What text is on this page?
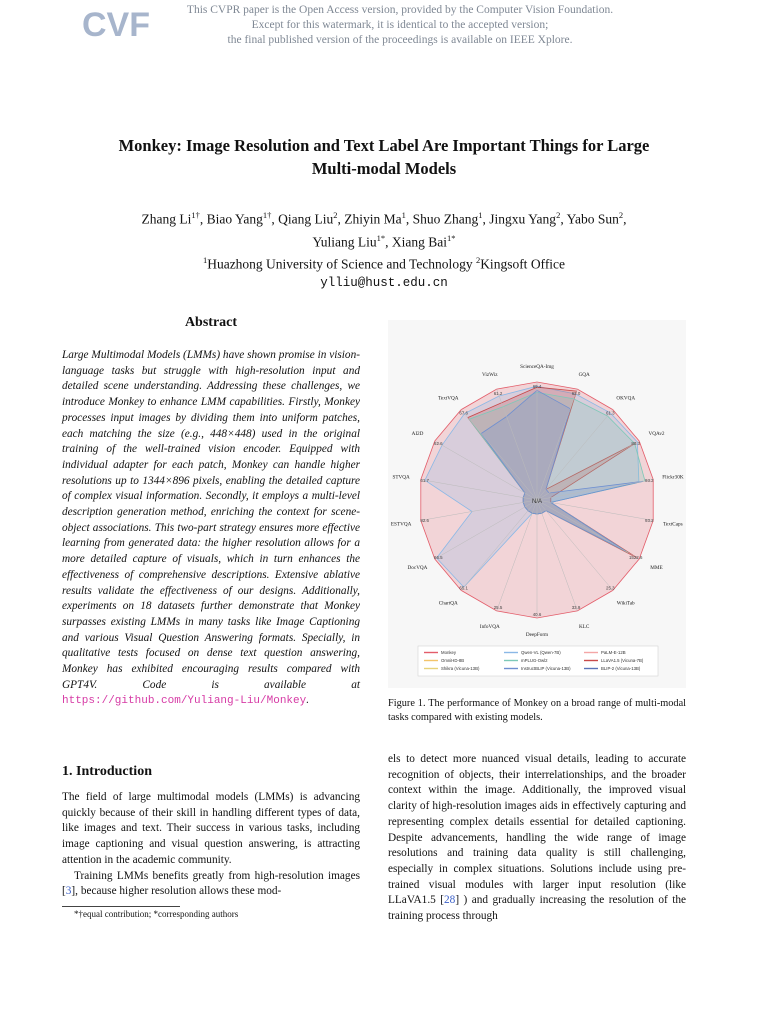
CVF	This CVPR paper is the Open Access version, provided by the Computer Vision Foundation.
Except for this watermark, it is identical to the accepted version;
the final published version of the proceedings is available on IEEE Xplore.
Monkey: Image Resolution and Text Label Are Important Things for Large
Multi-modal Models
Zhang $Li^{1\dagger}$, Biao Yang$^{1\dagger}$, Qiang Liu$^2$, Zhiyin Ma$^1$, Shuo Zhang$^1$, Jingxu Yang$^2$, Yabo Sun$^2$,
Yuliang Liu$^{1*}$, Xiang Bai$^{1*}$
$^1$Huazhong University of Science and Technology $^2$Kingsoft Office
ylliu@hust.edu.cn
Abstract
Large Multimodal Models (LMMs) have shown promise in vision-language tasks but struggle with high-resolution input and detailed scene understanding. Addressing these challenges, we introduce Monkey to enhance LMM capabilities. Firstly, Monkey processes input images by dividing them into uniform patches, each matching the size (e.g., 448×448) used in the original training of the well-trained vision encoder. Equipped with individual adapter for each patch, Monkey can handle higher resolutions up to 1344×896 pixels, enabling the detailed capture of complex visual information. Secondly, it employs a multi-level description generation method, enriching the context for scene-object associations. This two-part strategy ensures more effective learning from generated data: the higher resolution allows for a more detailed capture of visuals, which in turn enhances the effectiveness of comprehensive descriptions. Extensive ablative results validate the effectiveness of our designs. Additionally, experiments on 18 datasets further demonstrate that Monkey surpasses existing LMMs in many tasks like Image Captioning and various Visual Question Answering formats. Specially, in qualitative tests focused on dense text question answering, Monkey has exhibited encouraging results compared with GPT4V. Code is available at https://github.com/Yuliang-Liu/Monkey.
1. Introduction

The field of large multimodal models (LMMs) is advancing quickly because of their skill in handling different types of data, like images and text. Their success in various tasks, including image captioning and visual question answering, is attracting attention in the academic community.

Training LMMs benefits greatly from high-resolution images [3], because higher resolution allows these mod-

*†equal contribution; *corresponding authors
N/A
ScienceQA-Img
69.4
GQA
62.0
OKVQA
61.3
VQAv2
80.3
Flickr30K
93.2
TextCaps
93.2
MME
1522.6
WikiTab
25.3
KLC
33.9
DeepForm
40.6
InfoVQA
25.5
ChartQA
65.1
DocVQA
66.5
ESTVQA
82.6
STVQA 61.7
AI2D
62.6
TextVQA
67.6
VizWiz
61.2
Monkey	Qwen-VL (Qwen-7B)	PaLM-E-12B
OmniHD-8B	mPLUG-Owl2	LLaVA1.5 (Vicuna-7B)
Shikra (Vicuna-13B)	InstructBLIP (Vicuna-13B)	BLIP-2 (Vicuna-13B)
Figure 1. The performance of Monkey on a broad range of multi-modal tasks compared with existing models.

els to detect more nuanced visual details, leading to accurate recognition of objects, their interrelationships, and the broader context within the image. Additionally, the improved visual clarity of high-resolution images aids in effectively capturing and representing complex details essential for detailed captioning. Despite advancements, handling the wide range of image resolutions and training data quality is still challenging, especially in complex situations. Solutions include using pre-trained visual modules with larger input resolution (like LLaVA1.5 [28] ) and gradually increasing the resolution of the training process through
